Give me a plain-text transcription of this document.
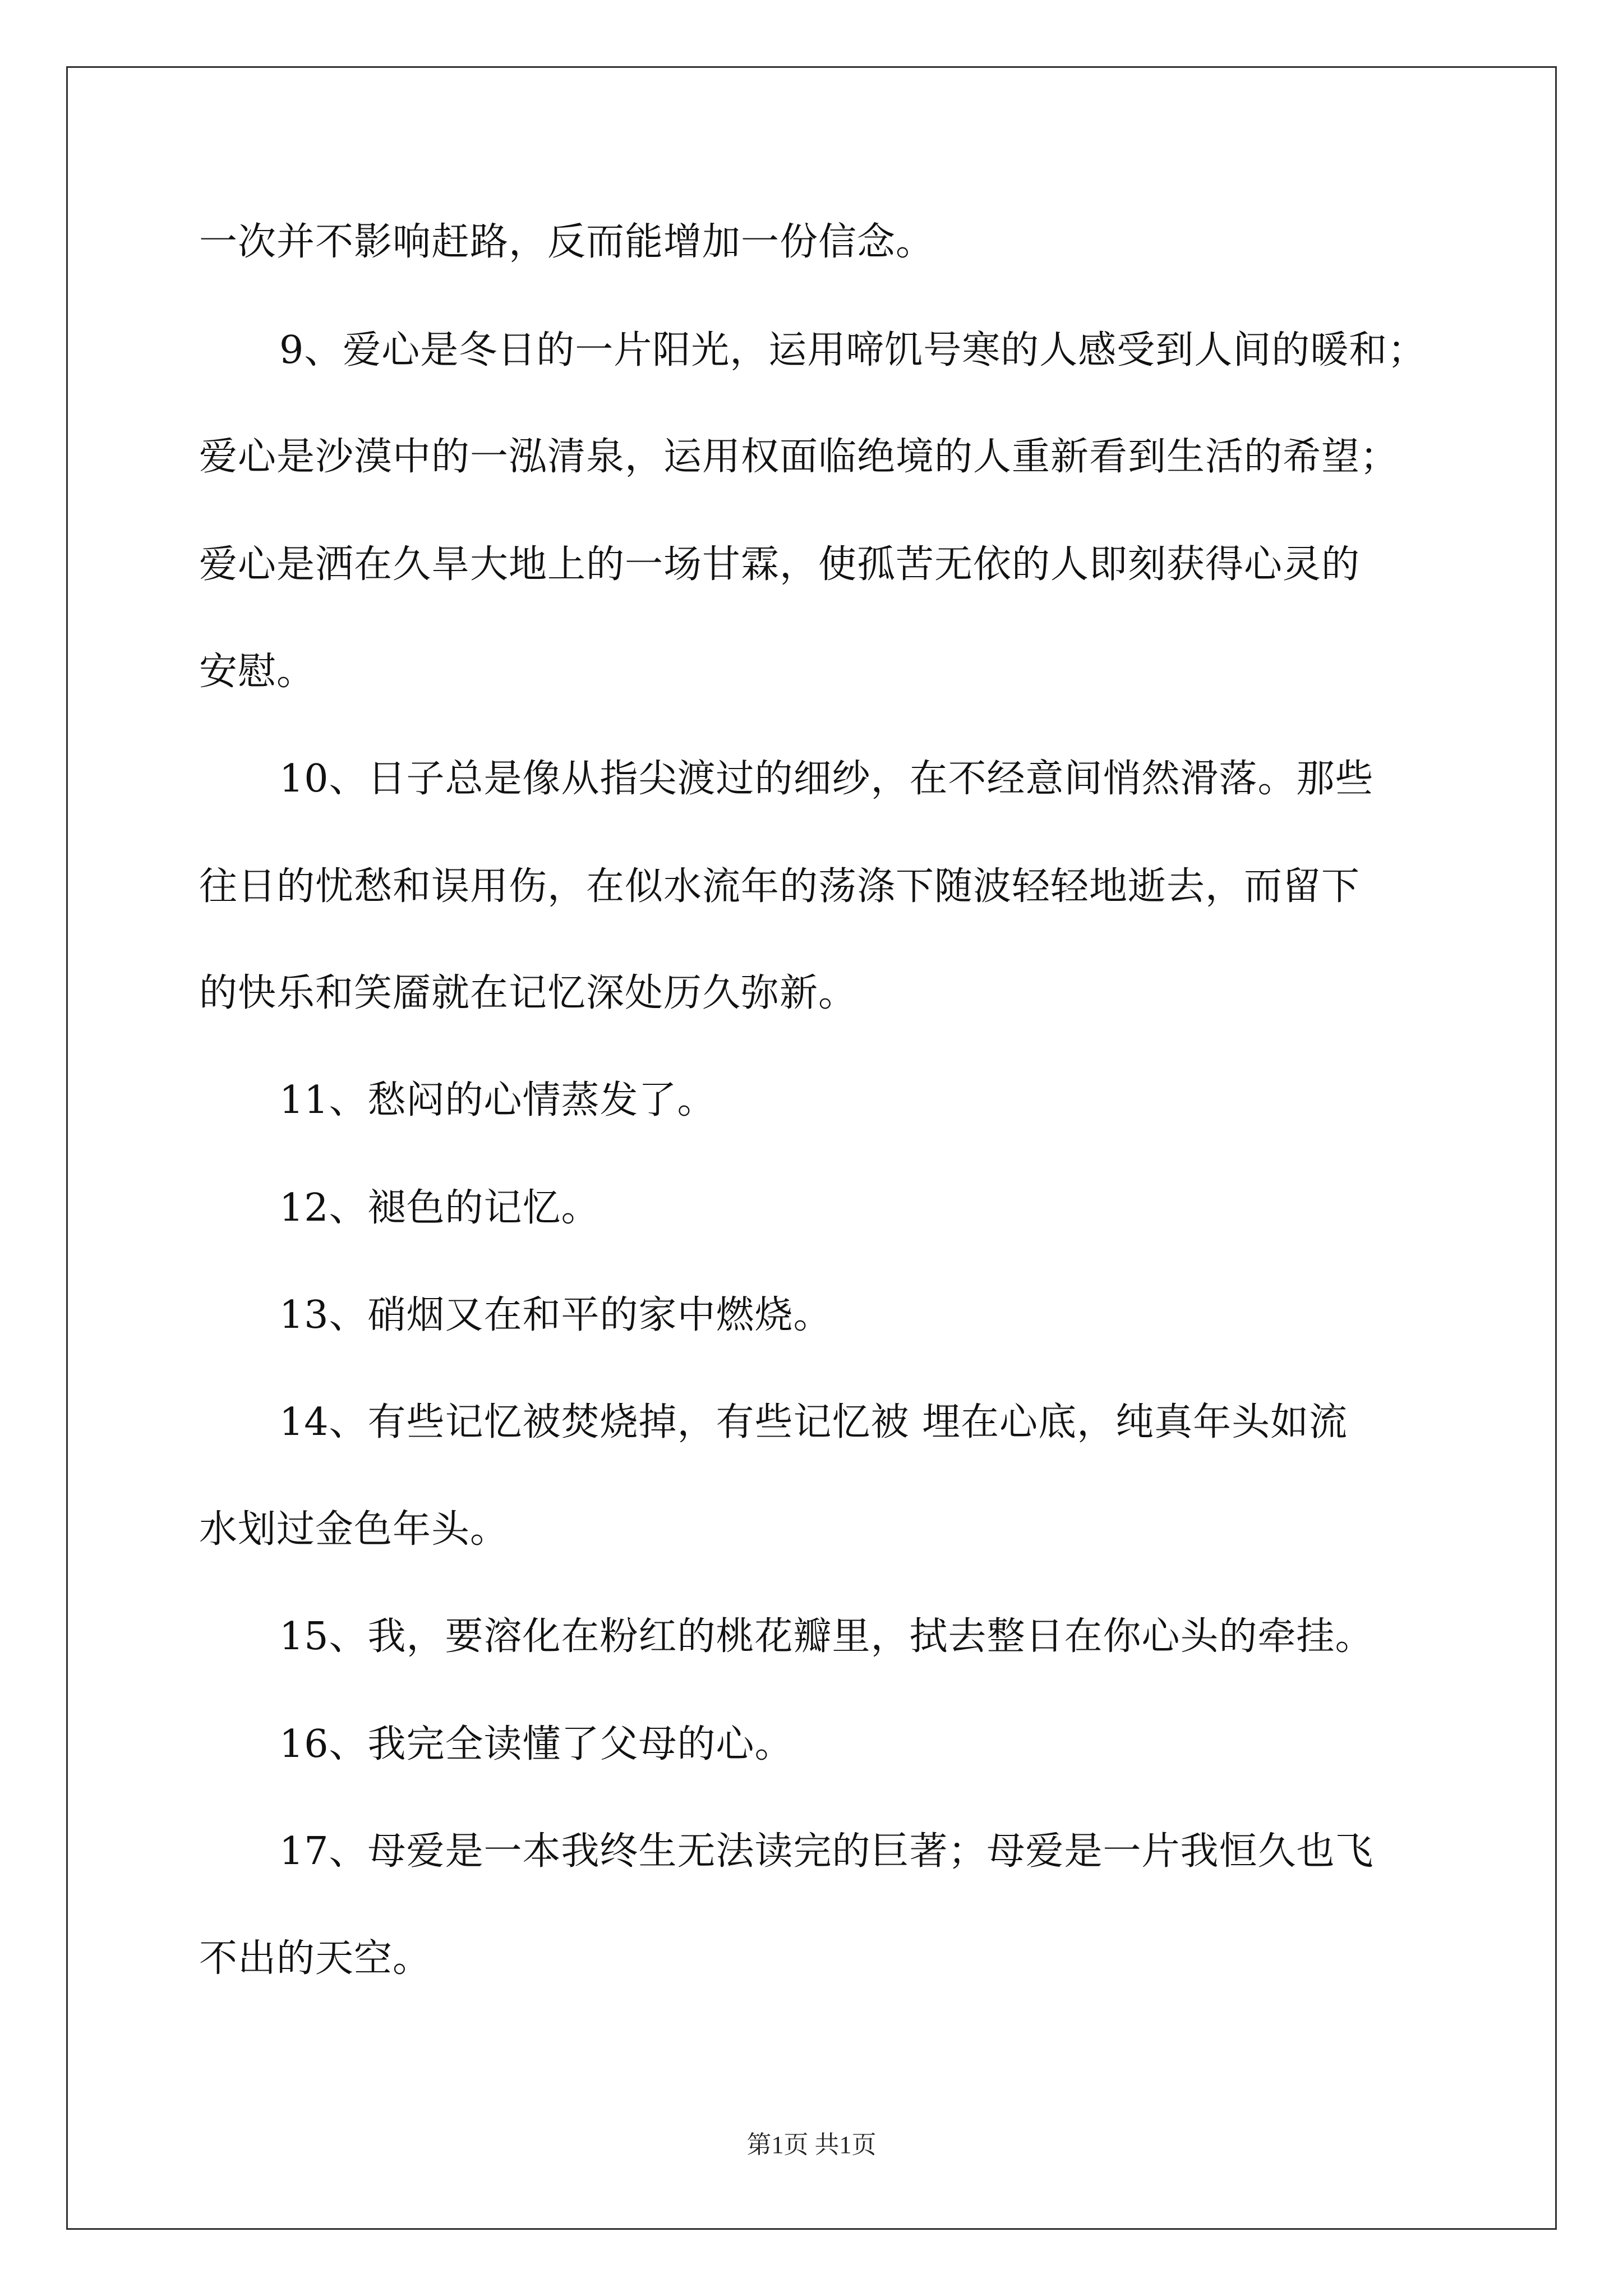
一次并不影响赶路，反而能增加一份信念。
9、爱心是冬日的一片阳光，运用啼饥号寒的人感受到人间的暖和；
爱心是沙漠中的一泓清泉，运用权面临绝境的人重新看到生活的希望；
爱心是洒在久旱大地上的一场甘霖，使孤苦无依的人即刻获得心灵的
安慰。
10、日子总是像从指尖渡过的细纱，在不经意间悄然滑落。那些
往日的忧愁和误用伤，在似水流年的荡涤下随波轻轻地逝去，而留下
的快乐和笑靥就在记忆深处历久弥新。
11、愁闷的心情蒸发了。
12、褪色的记忆。
13、硝烟又在和平的家中燃烧。
14、有些记忆被焚烧掉，有些记忆被 埋在心底，纯真年头如流
水划过金色年头。
15、我，要溶化在粉红的桃花瓣里，拭去整日在你心头的牵挂。
16、我完全读懂了父母的心。
17、母爱是一本我终生无法读完的巨著；母爱是一片我恒久也飞
不出的天空。
第1页 共1页
